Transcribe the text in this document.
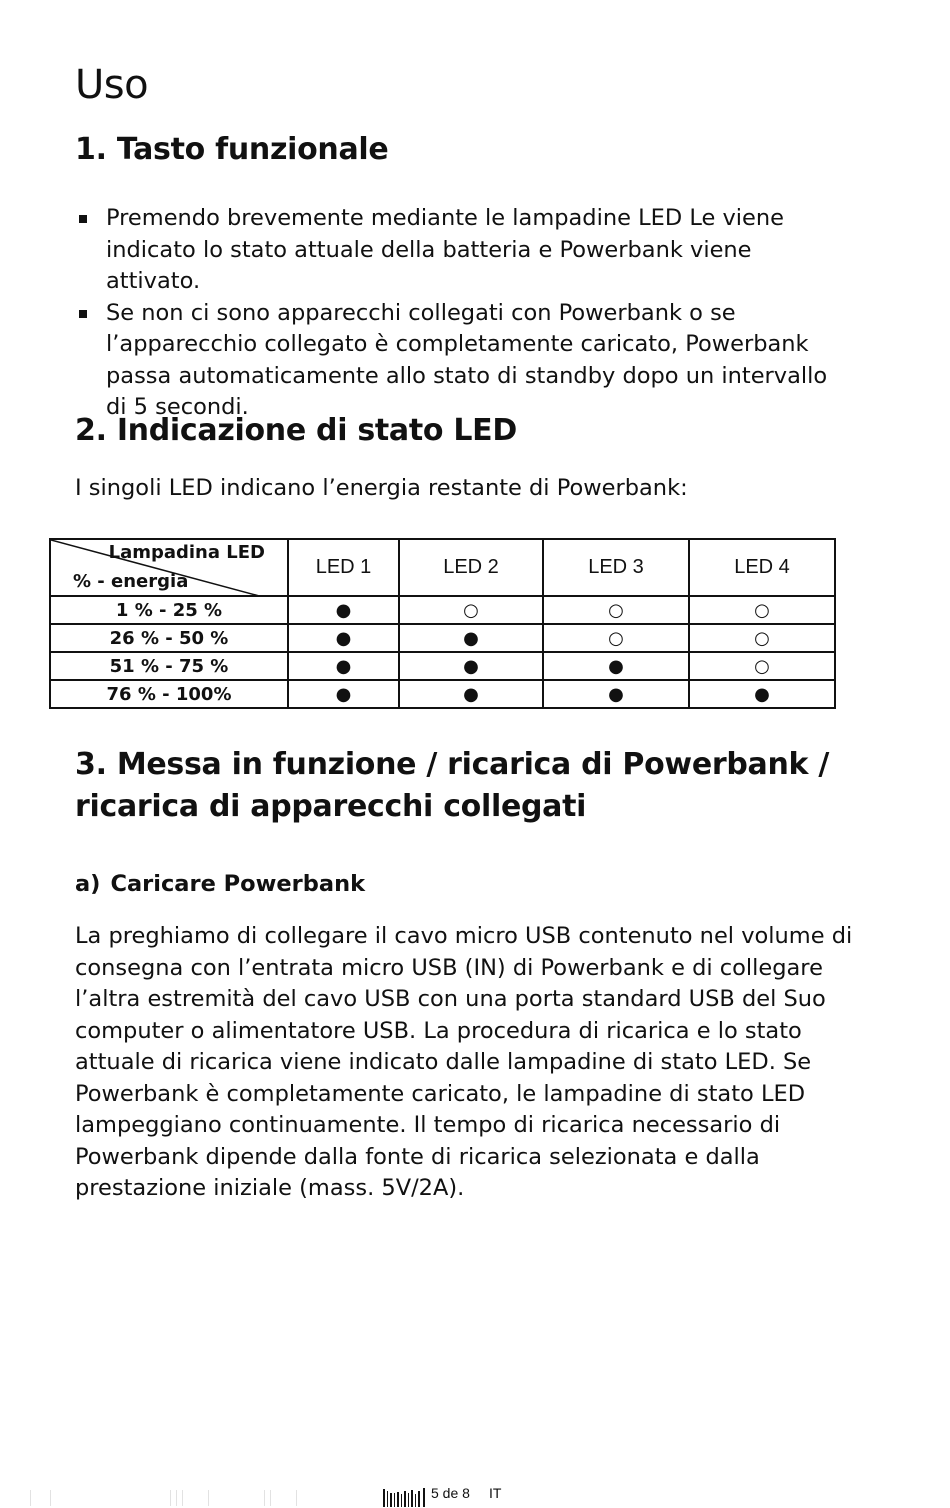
Uso
1. Tasto funzionale
Premendo brevemente mediante le lampadine LED Le viene indicato lo stato attuale della batteria e Powerbank viene attivato.
Se non ci sono apparecchi collegati con Powerbank o se l’apparecchio collegato è completamente caricato, Powerbank passa automaticamente allo stato di standby dopo un intervallo di 5 secondi.
2. Indicazione di stato LED

I singoli LED indicano l’energia restante di Powerbank:

Lampadina LED
% - energia	LED 1	LED 2	LED 3	LED 4
1 % - 25 %	●	○	○	○
26 % - 50 %	●	●	○	○
51 % - 75 %	●	●	●	○
76 % - 100%	●	●	●	●
3. Messa in funzione / ricarica di Powerbank /
ricarica di apparecchi collegati

a) Caricare Powerbank

La preghiamo di collegare il cavo micro USB contenuto nel volume di consegna con l’entrata micro USB (IN) di Powerbank e di collegare l’altra estremità del cavo USB con una porta standard USB del Suo computer o alimentatore USB. La procedura di ricarica e lo stato attuale di ricarica viene indicato dalle lampadine di stato LED. Se Powerbank è completamente caricato, le lampadine di stato LED lampeggiano continuamente. Il tempo di ricarica necessario di Powerbank dipende dalla fonte di ricarica selezionata e dalla prestazione iniziale (mass. 5V/2A).

5 de 8 IT
